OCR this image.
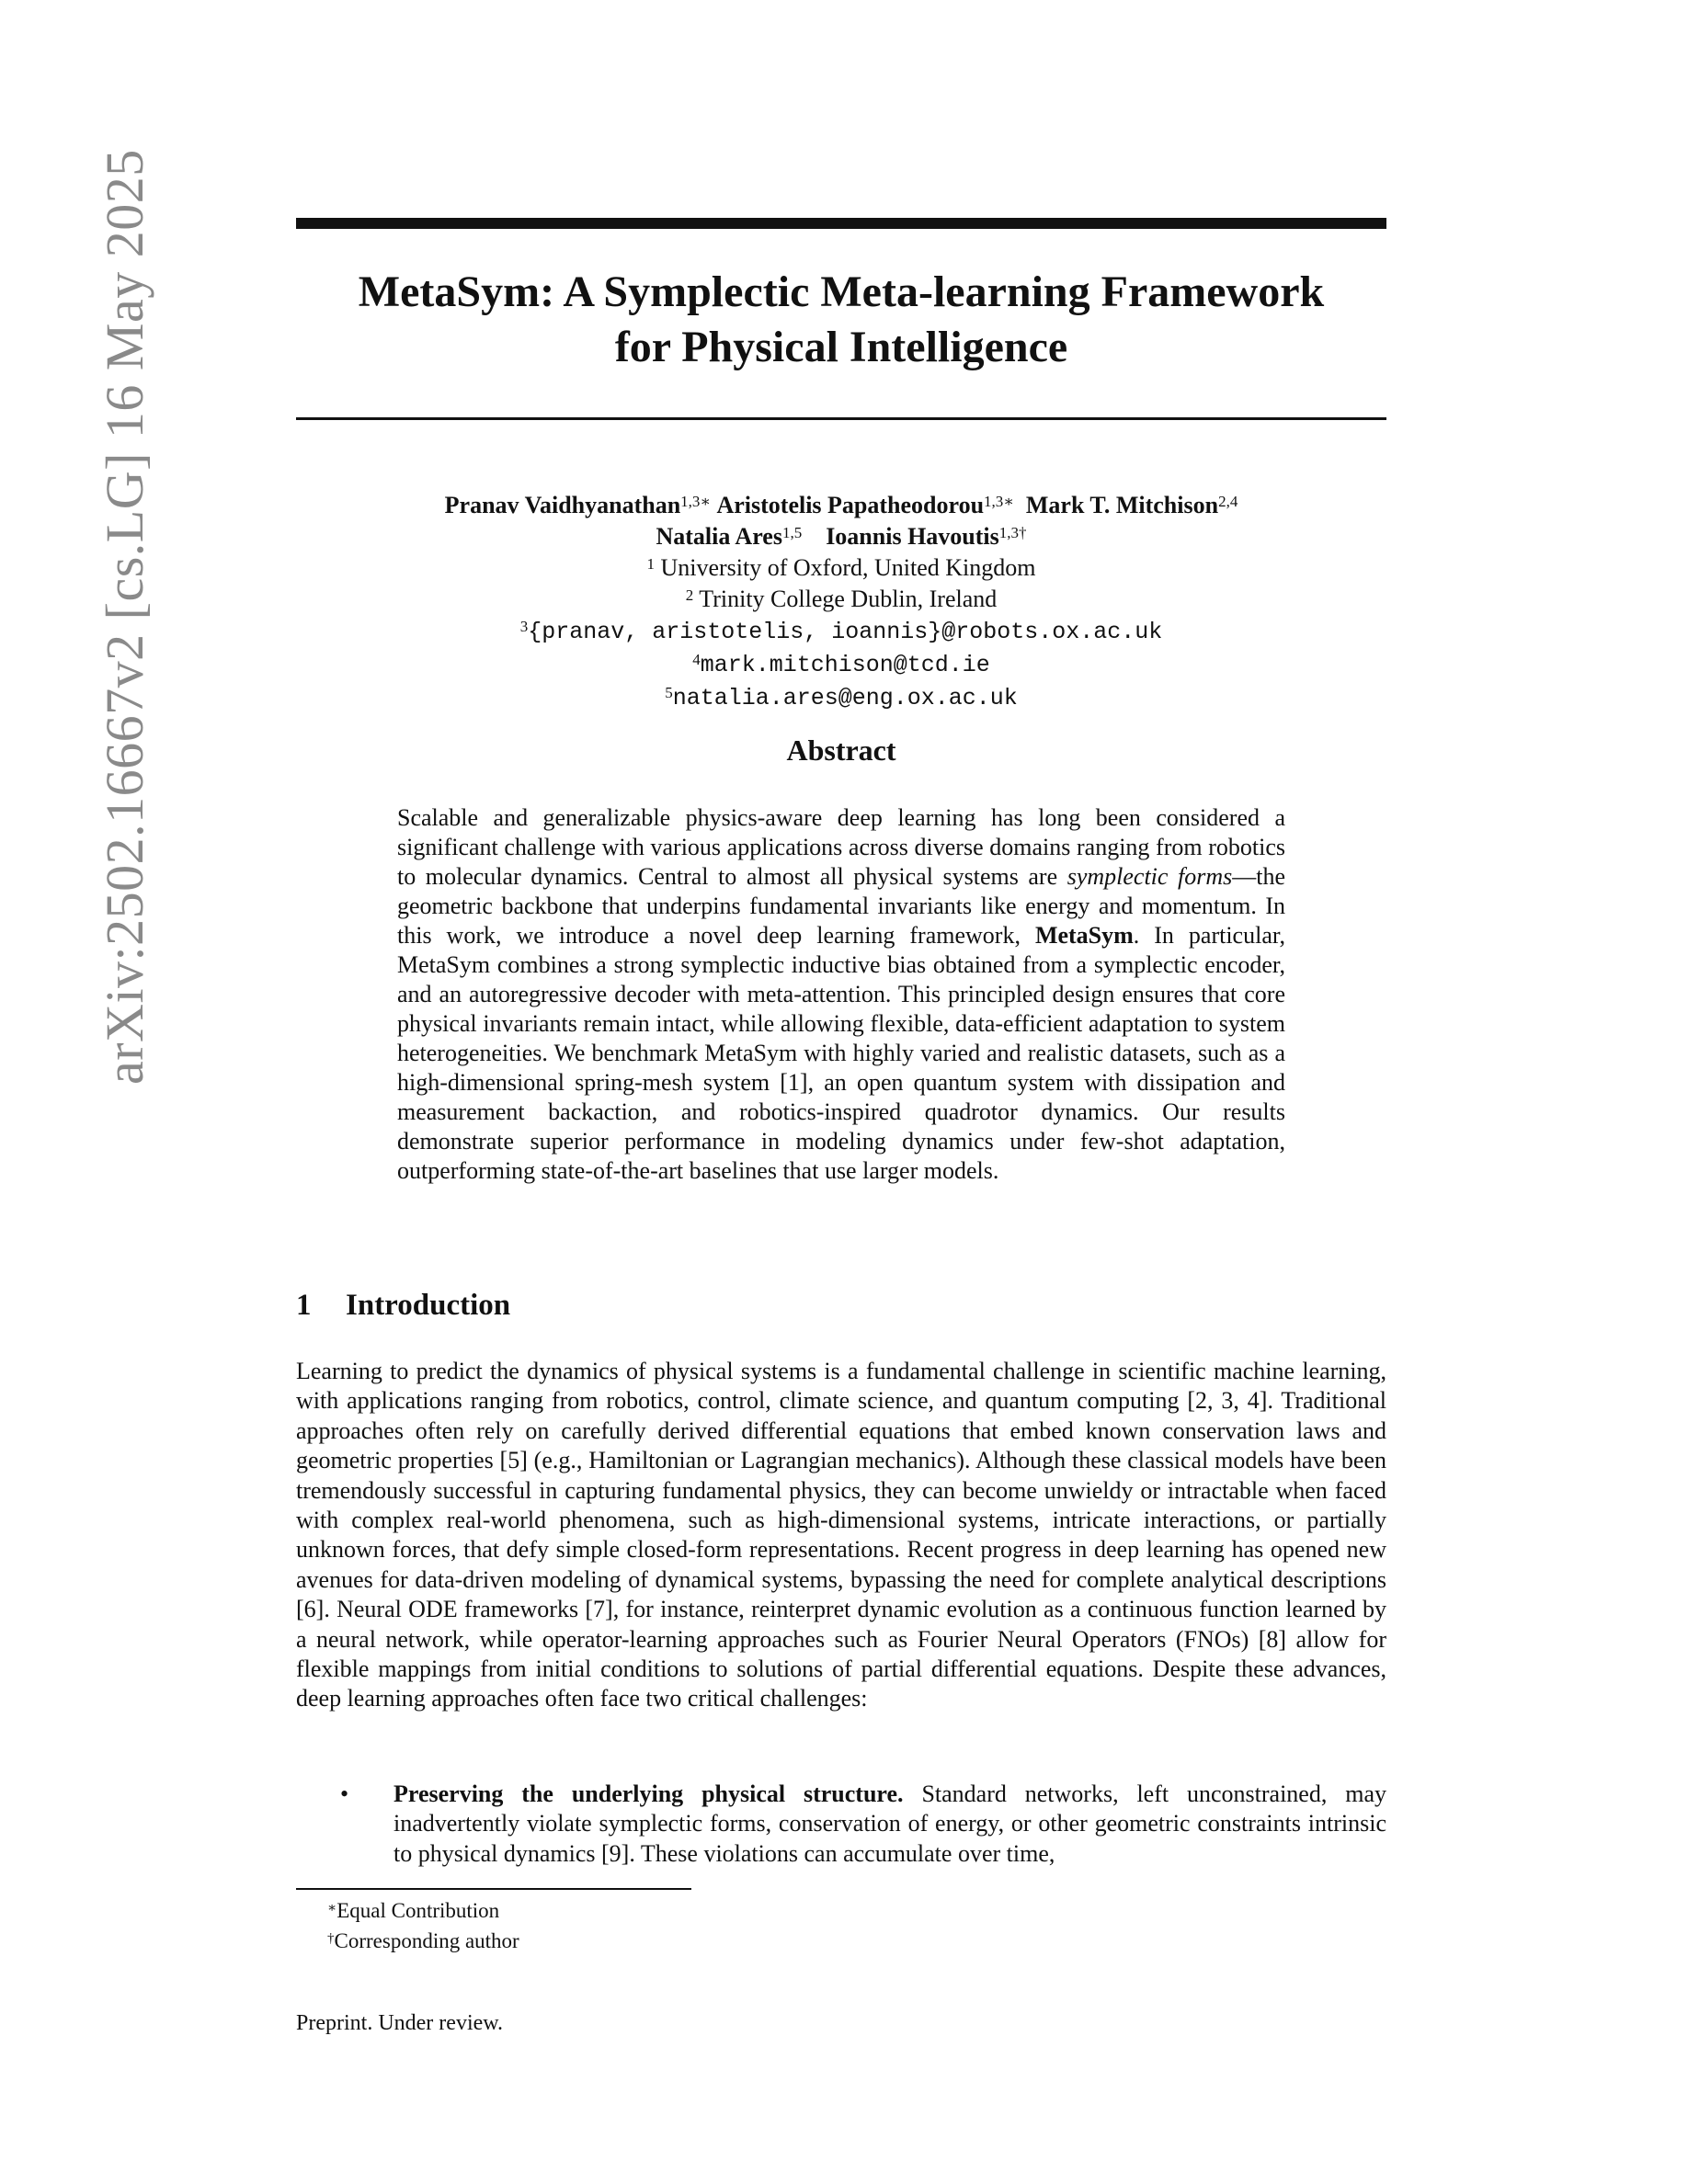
arXiv:2502.16667v2 [cs.LG] 16 May 2025	MetaSym: A Symplectic Meta-learning Framework
for Physical Intelligence
Pranav Vaidhyanathan$^{1,3∗}$ Aristotelis Papatheodorou$^{1,3∗}$ Mark T. Mitchison$^{2,4}$
Natalia Ares$^{1,5}$ Ioannis Havoutis$^{1,3\dagger}$
$^1$ University of Oxford, United Kingdom
$^2$ Trinity College Dublin, Ireland
$^3${pranav, aristotelis, ioannis}@robots.ox.ac.uk
$^4$mark.mitchison@tcd.ie
$^5$natalia.ares@eng.ox.ac.uk
Abstract

Scalable and generalizable physics-aware deep learning has long been considered a significant challenge with various applications across diverse domains ranging from robotics to molecular dynamics. Central to almost all physical systems are symplectic forms—the geometric backbone that underpins fundamental invariants like energy and momentum. In this work, we introduce a novel deep learning framework, MetaSym. In particular, MetaSym combines a strong symplectic inductive bias obtained from a symplectic encoder, and an autoregressive decoder with meta-attention. This principled design ensures that core physical invariants remain intact, while allowing flexible, data-efficient adaptation to system heterogeneities. We benchmark MetaSym with highly varied and realistic datasets, such as a high-dimensional spring-mesh system [1], an open quantum system with dissipation and measurement backaction, and robotics-inspired quadrotor dynamics. Our results demonstrate superior performance in modeling dynamics under few-shot adaptation, outperforming state-of-the-art baselines that use larger models.

1 Introduction

Learning to predict the dynamics of physical systems is a fundamental challenge in scientific machine learning, with applications ranging from robotics, control, climate science, and quantum computing [2, 3, 4]. Traditional approaches often rely on carefully derived differential equations that embed known conservation laws and geometric properties [5] (e.g., Hamiltonian or Lagrangian mechanics). Although these classical models have been tremendously successful in capturing fundamental physics, they can become unwieldy or intractable when faced with complex real-world phenomena, such as high-dimensional systems, intricate interactions, or partially unknown forces, that defy simple closed-form representations. Recent progress in deep learning has opened new avenues for data-driven modeling of dynamical systems, bypassing the need for complete analytical descriptions [6]. Neural ODE frameworks [7], for instance, reinterpret dynamic evolution as a continuous function learned by a neural network, while operator-learning approaches such as Fourier Neural Operators (FNOs) [8] allow for flexible mappings from initial conditions to solutions of partial differential equations. Despite these advances, deep learning approaches often face two critical challenges:

•	Preserving the underlying physical structure. Standard networks, left unconstrained, may inadvertently violate symplectic forms, conservation of energy, or other geometric constraints intrinsic to physical dynamics [9]. These violations can accumulate over time,

∗Equal Contribution
†Corresponding author
Preprint. Under review.
